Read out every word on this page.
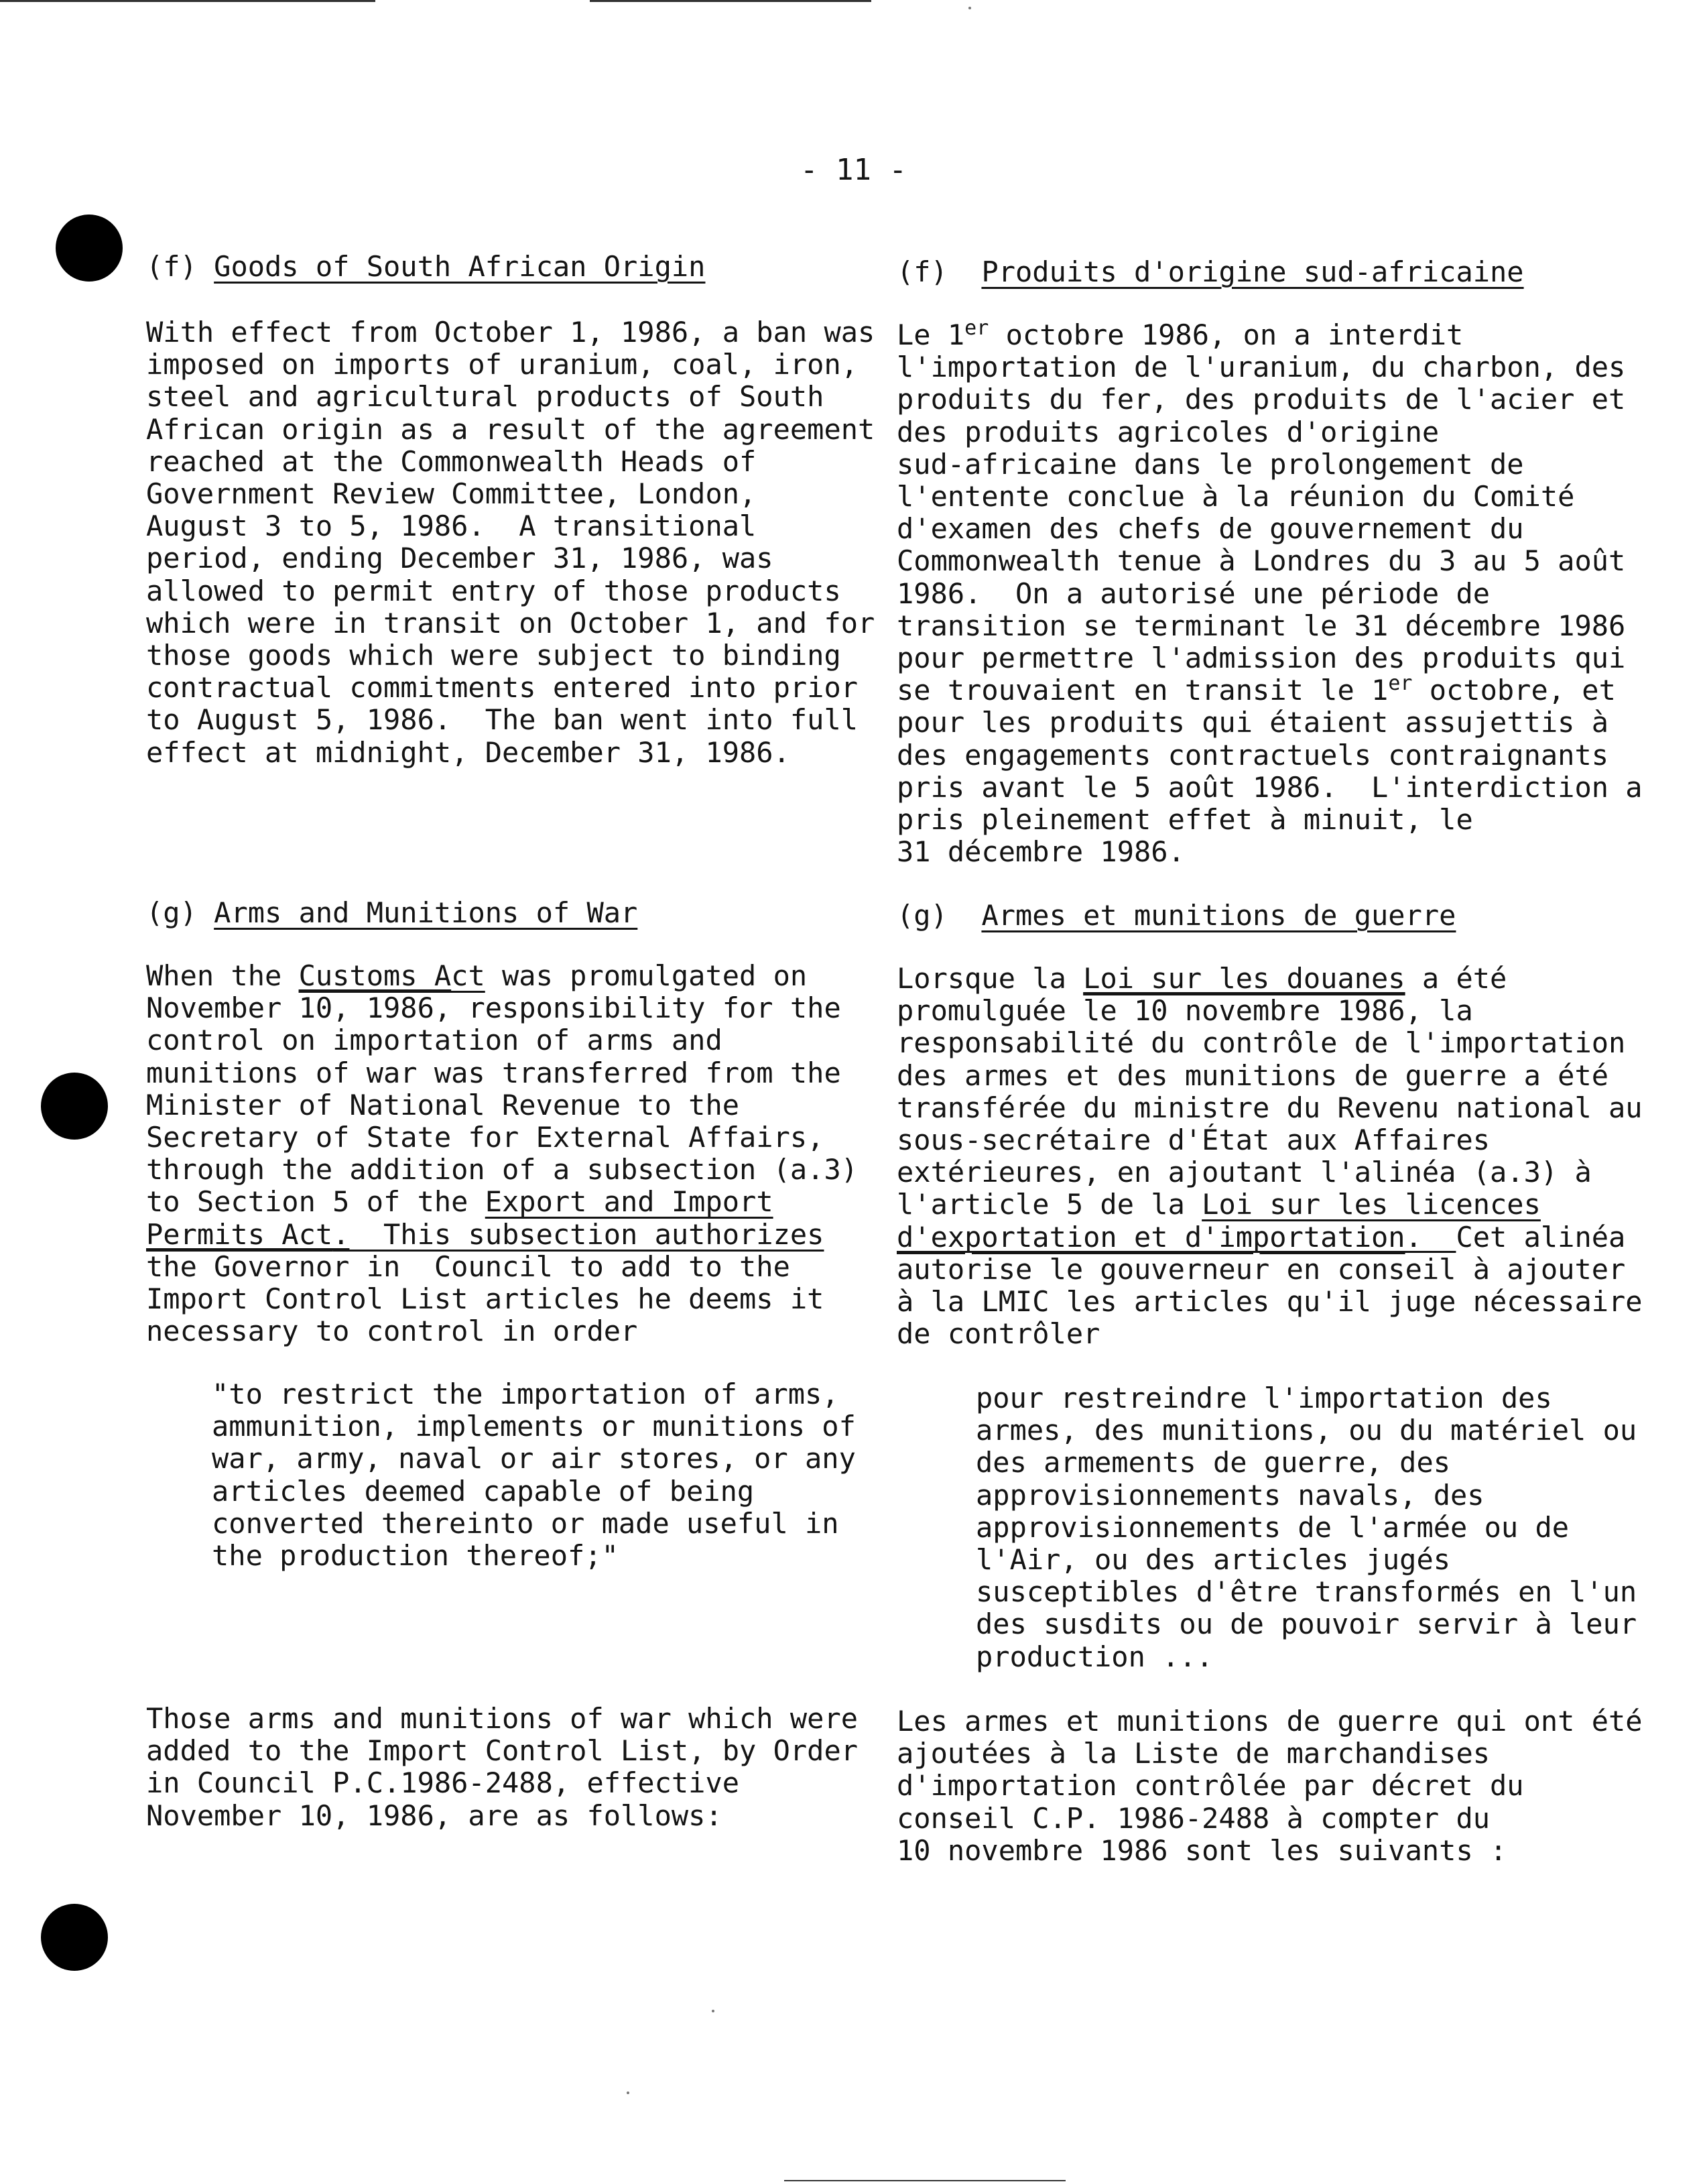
- 11 -
(f) Goods of South African Origin
With effect from October 1, 1986, a ban was
imposed on imports of uranium, coal, iron,
steel and agricultural products of South
African origin as a result of the agreement
reached at the Commonwealth Heads of
Government Review Committee, London,
August 3 to 5, 1986.  A transitional
period, ending December 31, 1986, was
allowed to permit entry of those products
which were in transit on October 1, and for
those goods which were subject to binding
contractual commitments entered into prior
to August 5, 1986.  The ban went into full
effect at midnight, December 31, 1986.
(f) Produits d'origine sud-africaine
Le 1er octobre 1986, on a interdit
l'importation de l'uranium, du charbon, des
produits du fer, des produits de l'acier et
des produits agricoles d'origine
sud-africaine dans le prolongement de
l'entente conclue à la réunion du Comité
d'examen des chefs de gouvernement du
Commonwealth tenue à Londres du 3 au 5 août
1986.  On a autorisé une période de
transition se terminant le 31 décembre 1986
pour permettre l'admission des produits qui
se trouvaient en transit le 1er octobre, et
pour les produits qui étaient assujettis à
des engagements contractuels contraignants
pris avant le 5 août 1986.  L'interdiction a
pris pleinement effet à minuit, le
31 décembre 1986.
(g) Arms and Munitions of War
When the Customs Act was promulgated on
November 10, 1986, responsibility for the
control on importation of arms and
munitions of war was transferred from the
Minister of National Revenue to the
Secretary of State for External Affairs,
through the addition of a subsection (a.3)
to Section 5 of the Export and Import
Permits Act.  This subsection authorizes
the Governor in  Council to add to the
Import Control List articles he deems it
necessary to control in order
"to restrict the importation of arms,
ammunition, implements or munitions of
war, army, naval or air stores, or any
articles deemed capable of being
converted thereinto or made useful in
the production thereof;"
Those arms and munitions of war which were
added to the Import Control List, by Order
in Council P.C.1986-2488, effective
November 10, 1986, are as follows:
(g) Armes et munitions de guerre
Lorsque la Loi sur les douanes a été
promulguée le 10 novembre 1986, la
responsabilité du contrôle de l'importation
des armes et des munitions de guerre a été
transférée du ministre du Revenu national au
sous-secrétaire d'État aux Affaires
extérieures, en ajoutant l'alinéa (a.3) à
l'article 5 de la Loi sur les licences
d'exportation et d'importation.  Cet alinéa
autorise le gouverneur en conseil à ajouter
à la LMIC les articles qu'il juge nécessaire
de contrôler
pour restreindre l'importation des
armes, des munitions, ou du matériel ou
des armements de guerre, des
approvisionnements navals, des
approvisionnements de l'armée ou de
l'Air, ou des articles jugés
susceptibles d'être transformés en l'un
des susdits ou de pouvoir servir à leur
production ...
Les armes et munitions de guerre qui ont été
ajoutées à la Liste de marchandises
d'importation contrôlée par décret du
conseil C.P. 1986-2488 à compter du
10 novembre 1986 sont les suivants :
